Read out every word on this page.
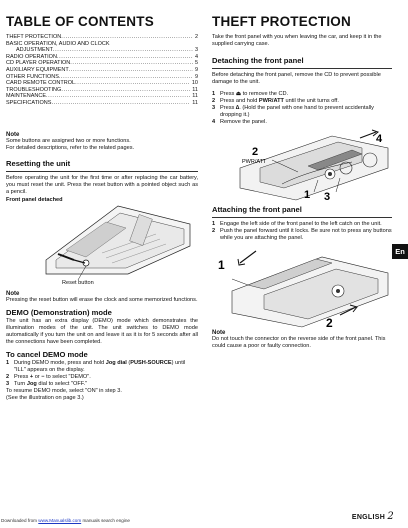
TABLE OF CONTENTS
THEFT PROTECTION .....	2
BASIC OPERATION, AUDIO AND CLOCK
ADJUSTMENT .....	3
RADIO OPERATION .....	4
CD PLAYER OPERATION .....	5
AUXILIARY EQUIPMENT .....	9
OTHER FUNCTIONS .....	9
CARD REMOTE CONTROL .....	10
TROUBLESHOOTING .....	11
MAINTENANCE .....	11
SPECIFICATIONS .....	11
Note

Some buttons are assigned two or more functions.

For detailed descriptions, refer to the related pages.

Resetting the unit

Before operating the unit for the first time or after replacing the car battery, you must reset the unit. Press the reset button with a pointed object such as a pencil.

Front panel detached

Reset button

Note

Pressing the reset button will erase the clock and some memorized functions.

DEMO (Demonstration) mode

The unit has an extra display (DEMO) mode which demonstrates the illumination modes of the unit. The unit switches to DEMO mode automatically if you turn the unit on and leave it as it is for 5 seconds after all the connections have been completed.

To cancel DEMO mode
1 During DEMO mode, press and hold Jog dial (PUSH-SOURCE) until "ILL" appears on the display.
2 Press + or − to select "DEMO".
3 Turn Jog dial to select "OFF."

To resume DEMO mode, select "ON" in step 3.

(See the illustration on page 3.)

THEFT PROTECTION

Take the front panel with you when leaving the car, and keep it in the supplied carrying case.

Detaching the front panel

Before detaching the front panel, remove the CD to prevent possible damage to the unit.

1 Press ⏏ to remove the CD.
2 Press and hold PWR/ATT until the unit turns off.
3 Press ∆. (Hold the panel with one hand to prevent accidentally dropping it.)
4 Remove the panel.
4
2
PWR/ATT
1 3
Attaching the front panel
1 Engage the left side of the front panel to the left catch on the unit.
2 Push the panel forward until it locks. Be sure not to press any buttons while you are attaching the panel.
1
2
Note

Do not touch the connector on the reverse side of the front panel. This could cause a poor or faulty connection.

En
Downloaded from www.Manualslib.com manuals search engine	ENGLISH 2
